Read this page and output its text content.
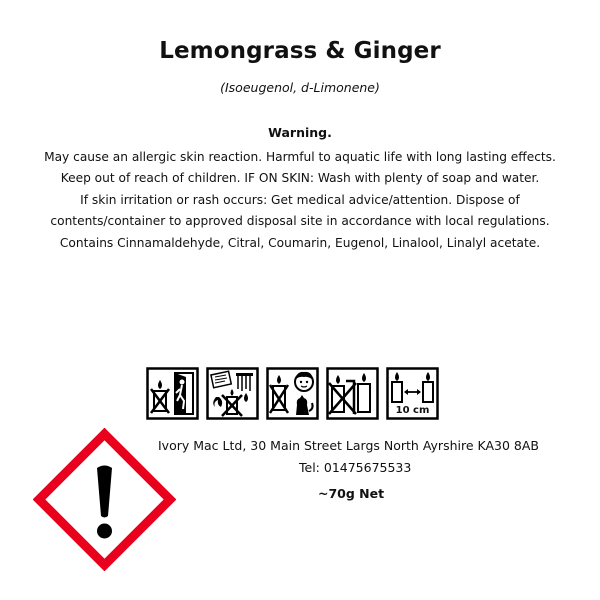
Lemongrass & Ginger
(Isoeugenol, d-Limonene)
Warning.
May cause an allergic skin reaction. Harmful to aquatic life with long lasting effects.
Keep out of reach of children. IF ON SKIN: Wash with plenty of soap and water.
If skin irritation or rash occurs: Get medical advice/attention. Dispose of
contents/container to approved disposal site in accordance with local regulations.
Contains Cinnamaldehyde, Citral, Coumarin, Eugenol, Linalool, Linalyl acetate.
10 cm
Ivory Mac Ltd, 30 Main Street Largs North Ayrshire KA30 8AB
Tel: 01475675533
~70g Net
